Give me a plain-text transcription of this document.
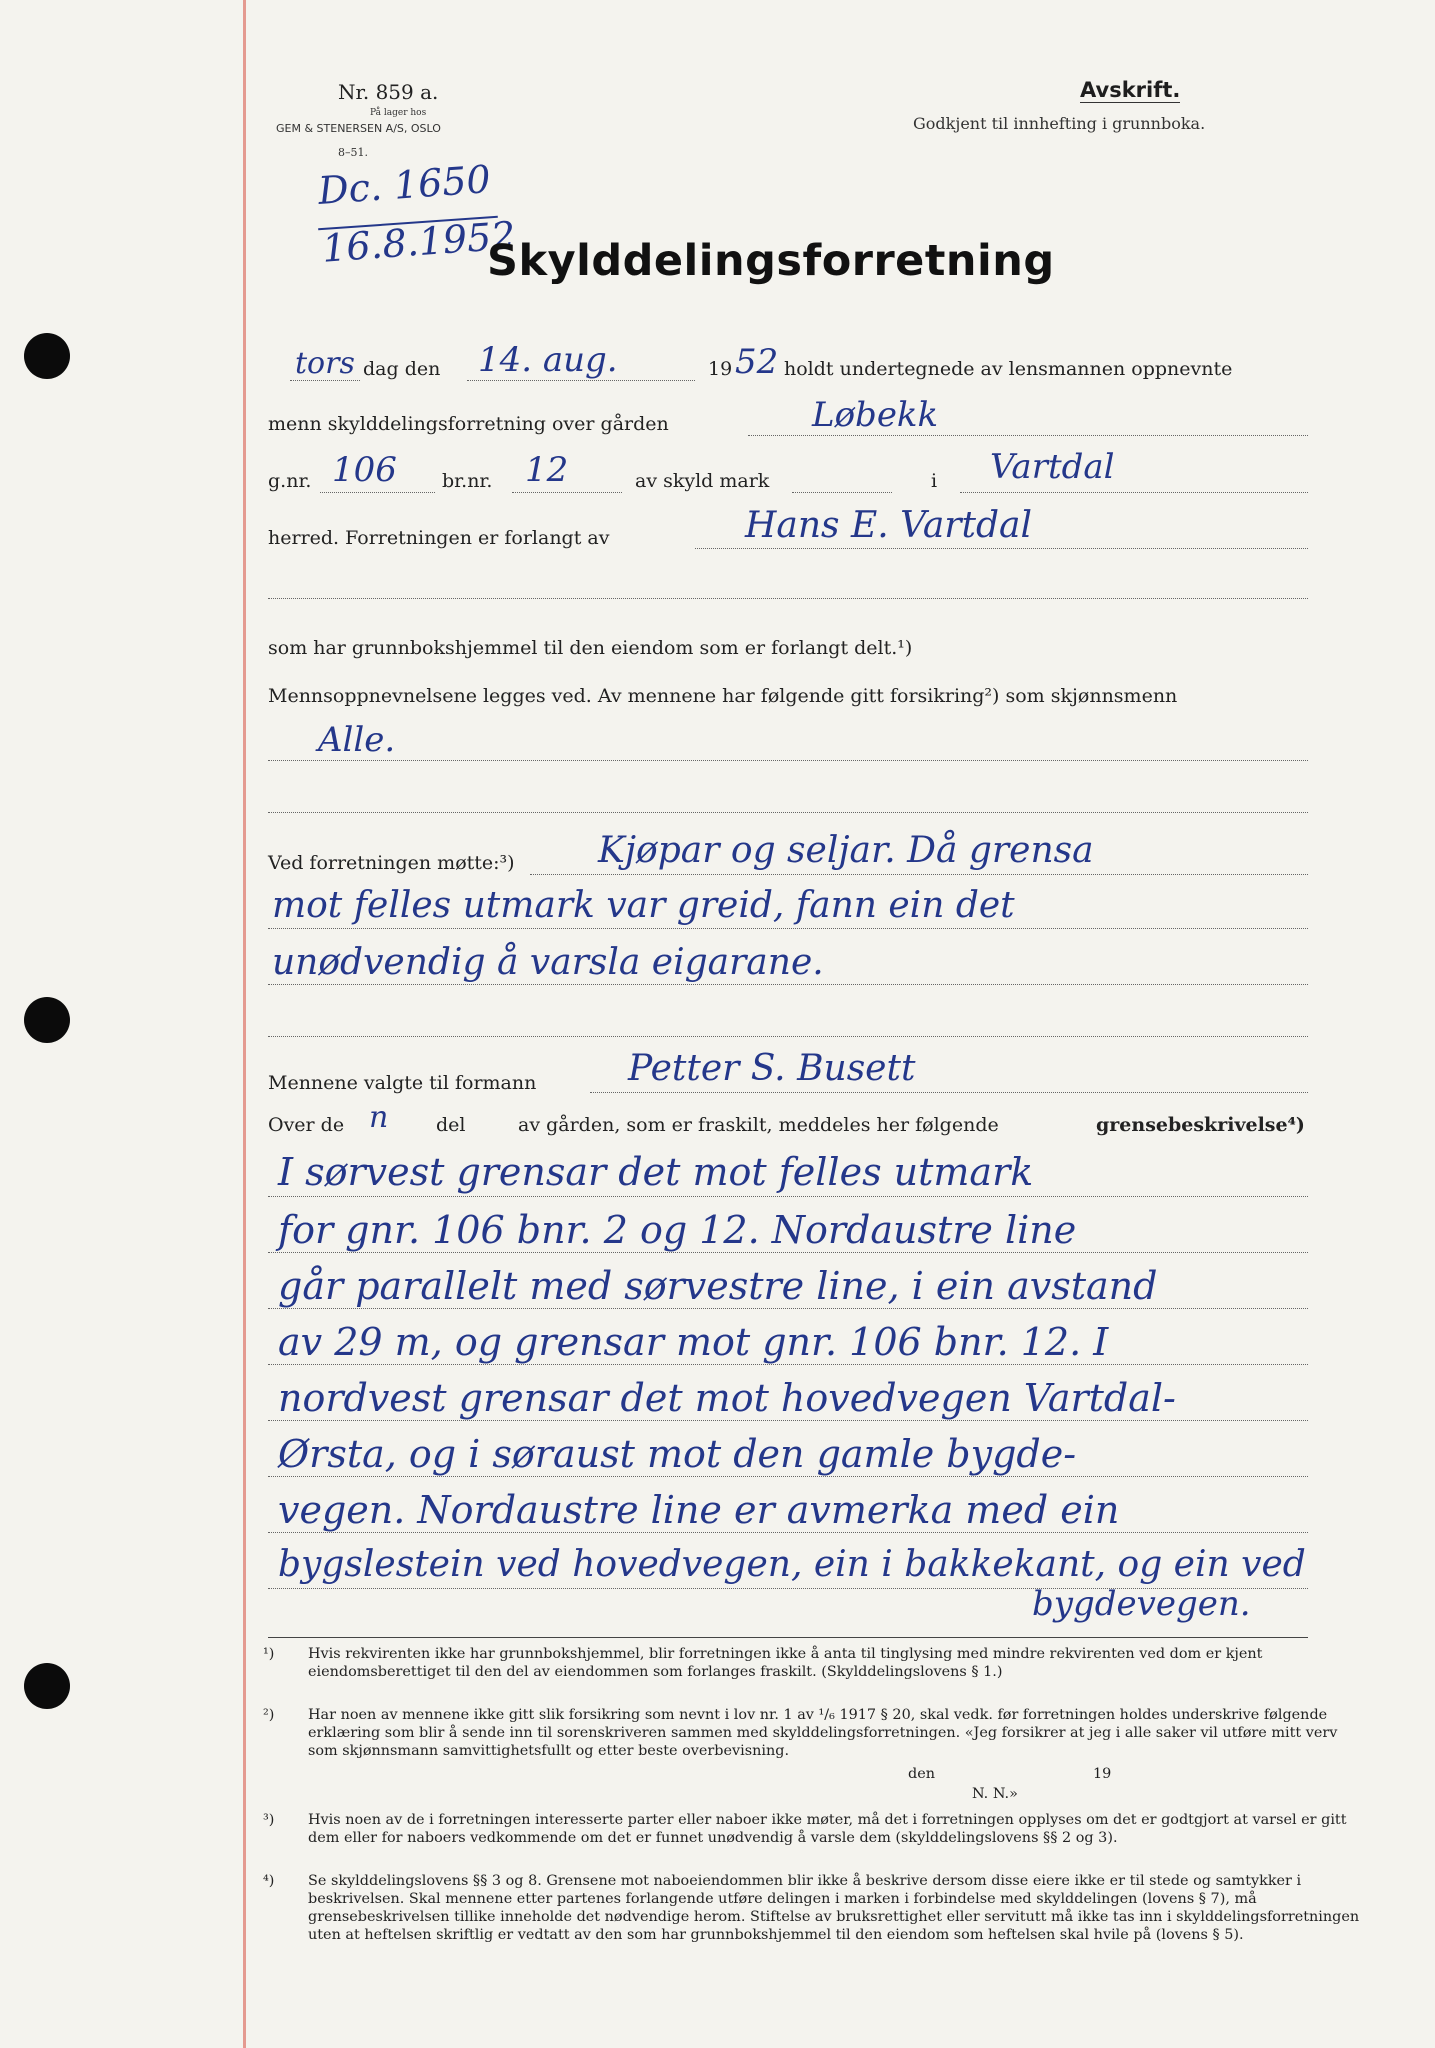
Nr. 859 a.
På lager hos
GEM & STENERSEN A/S, OSLO
8–51.
Avskrift.
Godkjent til innhefting i grunnboka.
Dc. 1650
16.8.1952
Skylddelingsforretning
tors dag den 14. aug.	19 52 holdt undertegnede av lensmannen oppnevnte
menn skylddelingsforretning over gården	Løbekk
g.nr. 106 br.nr. 12	av skyld mark	i Vartdal
herred. Forretningen er forlangt av	Hans E. Vartdal
som har grunnbokshjemmel til den eiendom som er forlangt delt.¹)
Mennsoppnevnelsene legges ved. Av mennene har følgende gitt forsikring²) som skjønnsmenn
Alle.
Ved forretningen møtte:³) Kjøpar og seljar. Då grensa
mot felles utmark var greid, fann ein det
unødvendig å varsla eigarane.
Mennene valgte til formann	Petter S. Busett
Over de n	del	av gården, som er fraskilt, meddeles her følgende	grensebeskrivelse⁴)
I sørvest grensar det mot felles utmark
for gnr. 106 bnr. 2 og 12. Nordaustre line
går parallelt med sørvestre line, i ein avstand
av 29 m, og grensar mot gnr. 106 bnr. 12. I
nordvest grensar det mot hovedvegen Vartdal-
Ørsta, og i søraust mot den gamle bygde-
vegen. Nordaustre line er avmerka med ein
bygslestein ved hovedvegen, ein i bakkekant, og ein ved
bygdevegen.
¹) Hvis rekvirenten ikke har grunnbokshjemmel, blir forretningen ikke å anta til tinglysing med mindre rekvirenten ved dom er kjent eiendomsberettiget til den del av eiendommen som forlanges fraskilt. (Skylddelingslovens § 1.)
²) Har noen av mennene ikke gitt slik forsikring som nevnt i lov nr. 1 av ¹/₆ 1917 § 20, skal vedk. før forretningen holdes underskrive følgende erklæring som blir å sende inn til sorenskriveren sammen med skylddelingsforretningen. «Jeg forsikrer at jeg i alle saker vil utføre mitt verv som skjønnsmann samvittighetsfullt og etter beste overbevisning.
den	19
N. N.»
³) Hvis noen av de i forretningen interesserte parter eller naboer ikke møter, må det i forretningen opplyses om det er godtgjort at varsel er gitt dem eller for naboers vedkommende om det er funnet unødvendig å varsle dem (skylddelingslovens §§ 2 og 3).
⁴) Se skylddelingslovens §§ 3 og 8. Grensene mot naboeiendommen blir ikke å beskrive dersom disse eiere ikke er til stede og samtykker i beskrivelsen. Skal mennene etter partenes forlangende utføre delingen i marken i forbindelse med skylddelingen (lovens § 7), må grensebeskrivelsen tillike inneholde det nødvendige herom. Stiftelse av bruksrettighet eller servitutt må ikke tas inn i skylddelingsforretningen uten at heftelsen skriftlig er vedtatt av den som har grunnbokshjemmel til den eiendom som heftelsen skal hvile på (lovens § 5).
